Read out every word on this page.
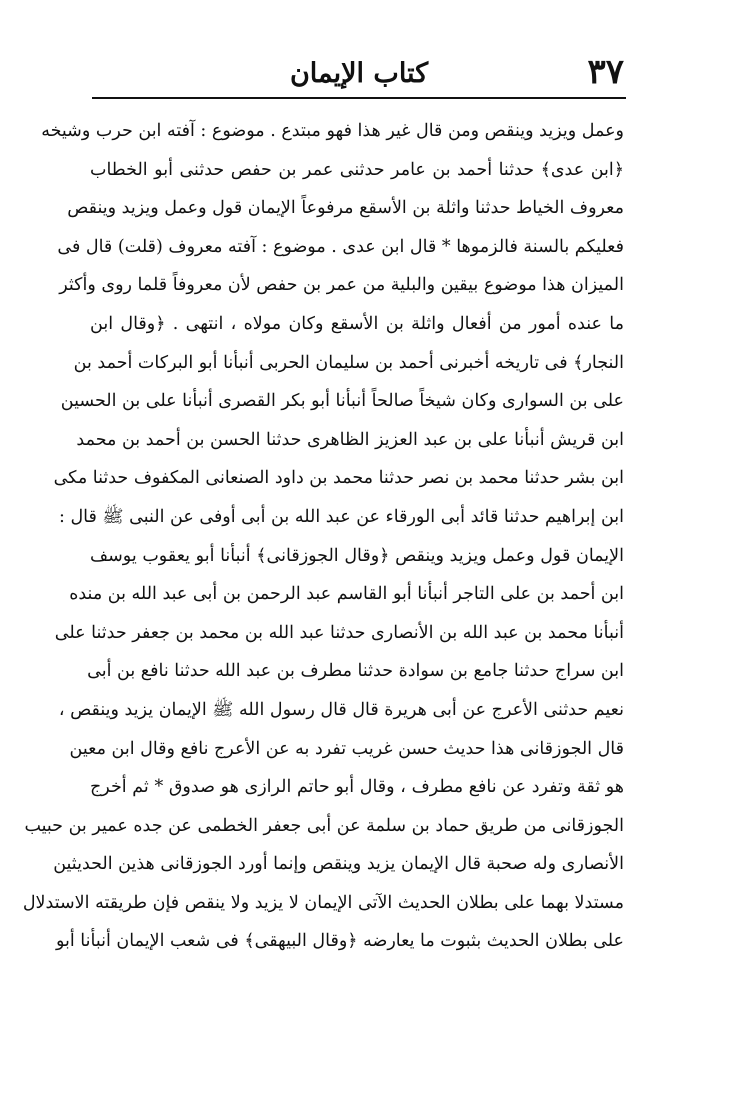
٣٧
كتاب الإيمان
وعمل ويزيد وينقص ومن قال غير هذا فهو مبتدع . موضوع : آفته ابن حرب وشيخه
﴿ابن عدى﴾ حدثنا أحمد بن عامر حدثنى عمر بن حفص حدثنى أبو الخطاب
معروف الخياط حدثنا واثلة بن الأسقع مرفوعاً الإيمان قول وعمل ويزيد وينقص
فعليكم بالسنة فالزموها * قال ابن عدى . موضوع : آفته معروف (قلت) قال فى
الميزان هذا موضوع بيقين والبلية من عمر بن حفص لأن معروفاً قلما روى وأكثر
ما عنده أمور من أفعال واثلة بن الأسقع وكان مولاه ، انتهى . ﴿وقال ابن
النجار﴾ فى تاريخه أخبرنى أحمد بن سليمان الحربى أنبأنا أبو البركات أحمد بن
على بن السوارى وكان شيخاً صالحاً أنبأنا أبو بكر القصرى أنبأنا على بن الحسين
ابن قريش أنبأنا على بن عبد العزيز الظاهرى حدثنا الحسن بن أحمد بن محمد
ابن بشر حدثنا محمد بن نصر حدثنا محمد بن داود الصنعانى المكفوف حدثنا مكى
ابن إبراهيم حدثنا قائد أبى الورقاء عن عبد الله بن أبى أوفى عن النبى ﷺ قال :
الإيمان قول وعمل ويزيد وينقص ﴿وقال الجوزقانى﴾ أنبأنا أبو يعقوب يوسف
ابن أحمد بن على التاجر أنبأنا أبو القاسم عبد الرحمن بن أبى عبد الله بن منده
أنبأنا محمد بن عبد الله بن الأنصارى حدثنا عبد الله بن محمد بن جعفر حدثنا على
ابن سراج حدثنا جامع بن سوادة حدثنا مطرف بن عبد الله حدثنا نافع بن أبى
نعيم حدثنى الأعرج عن أبى هريرة قال قال رسول الله ﷺ الإيمان يزيد وينقص ،
قال الجوزقانى هذا حديث حسن غريب تفرد به عن الأعرج نافع وقال ابن معين
هو ثقة وتفرد عن نافع مطرف ، وقال أبو حاتم الرازى هو صدوق * ثم أخرج
الجوزقانى من طريق حماد بن سلمة عن أبى جعفر الخطمى عن جده عمير بن حبيب
الأنصارى وله صحبة قال الإيمان يزيد وينقص وإنما أورد الجوزقانى هذين الحديثين
مستدلا بهما على بطلان الحديث الآتى الإيمان لا يزيد ولا ينقص فإن طريقته الاستدلال
على بطلان الحديث بثبوت ما يعارضه ﴿وقال البيهقى﴾ فى شعب الإيمان أنبأنا أبو
